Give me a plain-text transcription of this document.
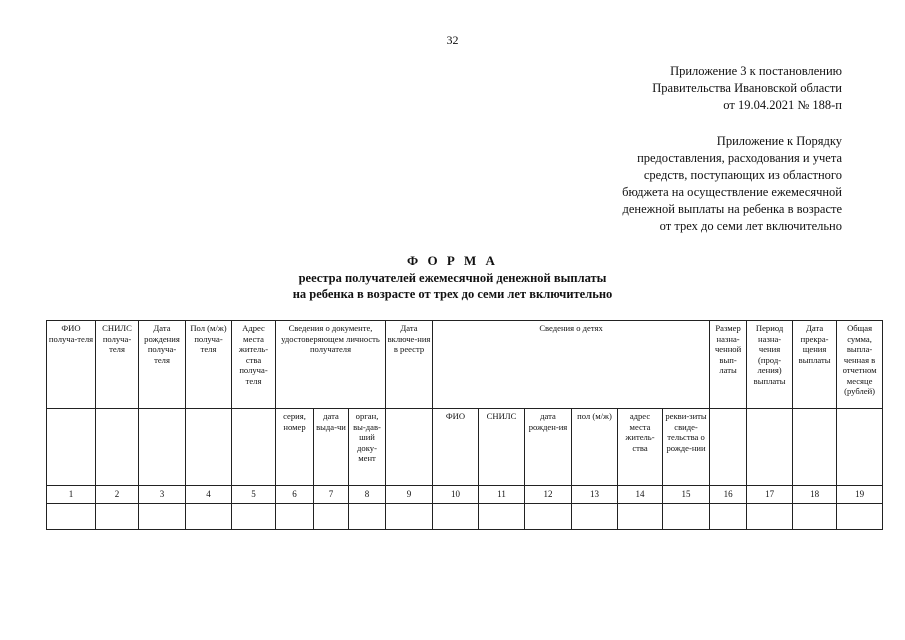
32
Приложение 3 к постановлению
Правительства Ивановской области
от 19.04.2021 № 188-п
Приложение к Порядку
предоставления, расходования и учета
средств, поступающих из областного
бюджета на осуществление ежемесячной
денежной выплаты на ребенка в возрасте
от трех до семи лет включительно
Ф О Р М А
реестра получателей ежемесячной денежной выплаты
на ребенка в возрасте от трех до семи лет включительно
ФИО получа-теля	СНИЛС получа-теля	Дата рождения получа-теля	Пол (м/ж) получа-теля	Адрес места житель-ства получа-теля	Сведения о документе, удостоверяющем личность получателя			Дата включе-ния в реестр	Сведения о детях						Размер назна-ченной вып-латы	Период назна-чения (прод-ления) выплаты	Дата прекра-щения выплаты	Общая сумма, выпла-ченная в отчетном месяце (рублей)
					серия, номер	дата выда-чи	орган, вы-дав-ший доку-мент		ФИО	СНИЛС	дата рожден-ия	пол (м/ж)	адрес места житель-ства	рекви-зиты свиде-тельства о рожде-нии				
1	2	3	4	5	6	7	8	9	10	11	12	13	14	15	16	17	18	19
